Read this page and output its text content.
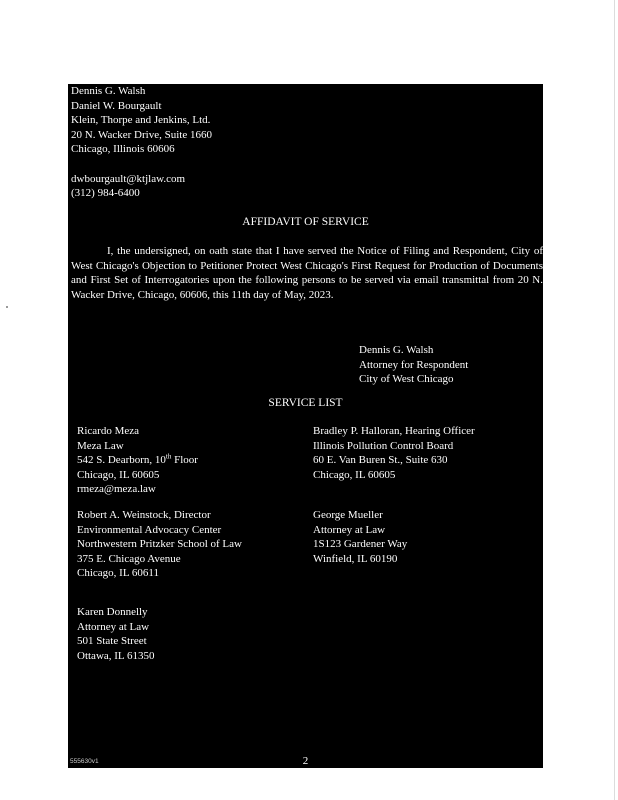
Dennis G. Walsh
Daniel W. Bourgault
Klein, Thorpe and Jenkins, Ltd.
20 N. Wacker Drive, Suite 1660
Chicago, Illinois 60606
dwbourgault@ktjlaw.com
(312) 984-6400
AFFIDAVIT OF SERVICE
I, the undersigned, on oath state that I have served the Notice of Filing and Respondent, City of West Chicago's Objection to Petitioner Protect West Chicago's First Request for Production of Documents and First Set of Interrogatories upon the following persons to be served via email transmittal from 20 N. Wacker Drive, Chicago, 60606, this 11th day of May, 2023.
Dennis G. Walsh
Attorney for Respondent
City of West Chicago
SERVICE LIST
Ricardo Meza
Meza Law
542 S. Dearborn, 10th Floor
Chicago, IL 60605
rmeza@meza.law
Bradley P. Halloran, Hearing Officer
Illinois Pollution Control Board
60 E. Van Buren St., Suite 630
Chicago, IL 60605
Robert A. Weinstock, Director
Environmental Advocacy Center
Northwestern Pritzker School of Law
375 E. Chicago Avenue
Chicago, IL 60611
George Mueller
Attorney at Law
1S123 Gardener Way
Winfield, IL 60190
Karen Donnelly
Attorney at Law
501 State Street
Ottawa, IL 61350
555630v1	2
